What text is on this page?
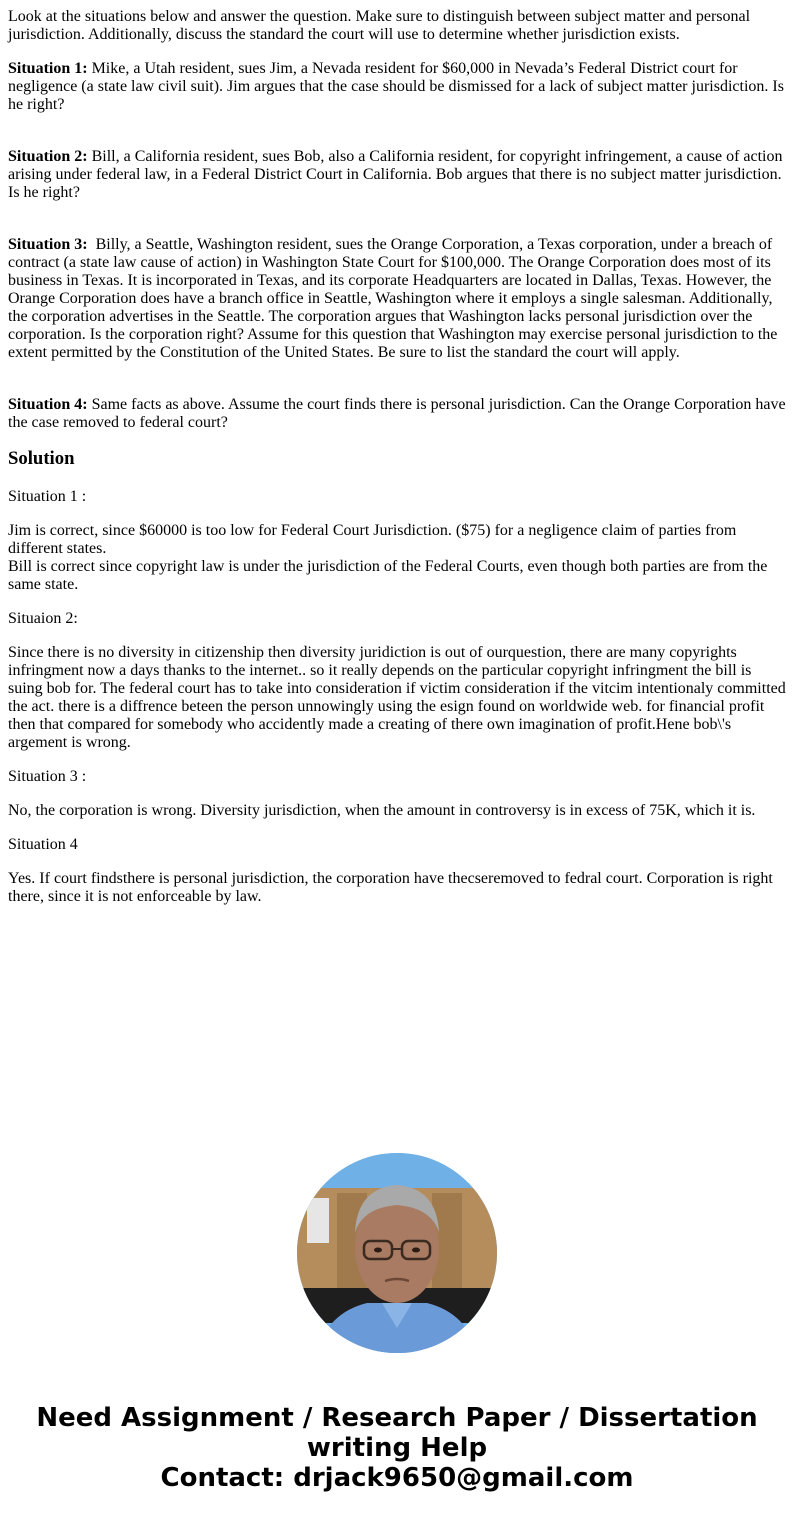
Look at the situations below and answer the question. Make sure to distinguish between subject matter and personal jurisdiction. Additionally, discuss the standard the court will use to determine whether jurisdiction exists.

Situation 1: Mike, a Utah resident, sues Jim, a Nevada resident for $60,000 in Nevada’s Federal District court for negligence (a state law civil suit). Jim argues that the case should be dismissed for a lack of subject matter jurisdiction. Is he right?

Situation 2: Bill, a California resident, sues Bob, also a California resident, for copyright infringement, a cause of action arising under federal law, in a Federal District Court in California. Bob argues that there is no subject matter jurisdiction. Is he right?

Situation 3:  Billy, a Seattle, Washington resident, sues the Orange Corporation, a Texas corporation, under a breach of contract (a state law cause of action) in Washington State Court for $100,000. The Orange Corporation does most of its business in Texas. It is incorporated in Texas, and its corporate Headquarters are located in Dallas, Texas. However, the Orange Corporation does have a branch office in Seattle, Washington where it employs a single salesman. Additionally, the corporation advertises in the Seattle. The corporation argues that Washington lacks personal jurisdiction over the corporation. Is the corporation right? Assume for this question that Washington may exercise personal jurisdiction to the extent permitted by the Constitution of the United States. Be sure to list the standard the court will apply.

Situation 4: Same facts as above. Assume the court finds there is personal jurisdiction. Can the Orange Corporation have the case removed to federal court?

Solution

Situation 1 :

Jim is correct, since $60000 is too low for Federal Court Jurisdiction. ($75) for a negligence claim of parties from different states.
Bill is correct since copyright law is under the jurisdiction of the Federal Courts, even though both parties are from the same state.

Situaion 2:

Since there is no diversity in citizenship then diversity juridiction is out of ourquestion, there are many copyrights infringment now a days thanks to the internet.. so it really depends on the particular copyright infringment the bill is suing bob for. The federal court has to take into consideration if victim consideration if the vitcim intentionaly committed the act. there is a diffrence beteen the person unnowingly using the esign found on worldwide web. for financial profit then that compared for somebody who accidently made a creating of there own imagination of profit.Hene bob\'s argement is wrong.

Situation 3 :

No, the corporation is wrong. Diversity jurisdiction, when the amount in controversy is in excess of 75K, which it is.

Situation 4

Yes. If court findsthere is personal jurisdiction, the corporation have thecseremoved to fedral court. Corporation is right there, since it is not enforceable by law.

Need Assignment / Research Paper / Dissertation writing Help
Contact: drjack9650@gmail.com
